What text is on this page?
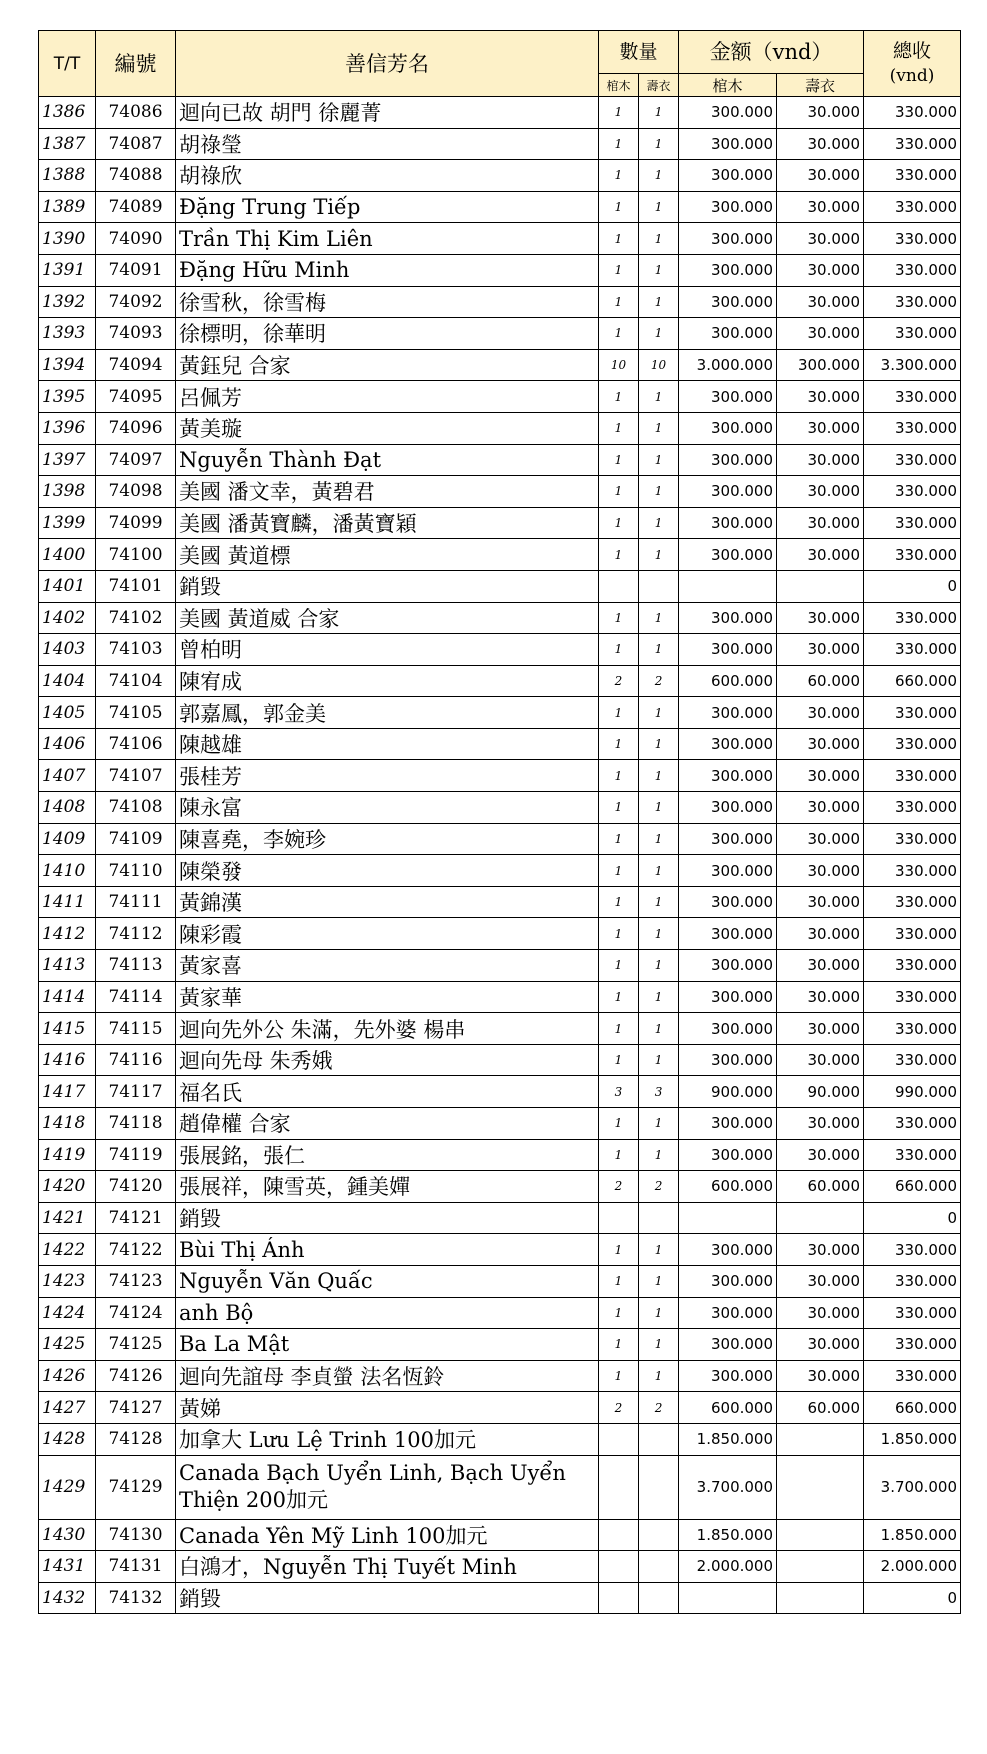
T/T	編號	善信芳名	數量		金额（vnd）		總收
(vnd)

			棺木	壽衣	棺木	壽衣	
1386	74086	迴向已故 胡門 徐麗菁	1	1	300.000	30.000	330.000
1387	74087	胡祿瑩	1	1	300.000	30.000	330.000
1388	74088	胡祿欣	1	1	300.000	30.000	330.000
1389	74089	Đặng Trung Tiếp	1	1	300.000	30.000	330.000
1390	74090	Trần Thị Kim Liên	1	1	300.000	30.000	330.000
1391	74091	Đặng Hữu Minh	1	1	300.000	30.000	330.000
1392	74092	徐雪秋，徐雪梅	1	1	300.000	30.000	330.000
1393	74093	徐標明，徐華明	1	1	300.000	30.000	330.000
1394	74094	黃鈺兒 合家	10	10	3.000.000	300.000	3.300.000
1395	74095	呂佩芳	1	1	300.000	30.000	330.000
1396	74096	黃美璇	1	1	300.000	30.000	330.000
1397	74097	Nguyễn Thành Đạt	1	1	300.000	30.000	330.000
1398	74098	美國 潘文幸，黃碧君	1	1	300.000	30.000	330.000
1399	74099	美國 潘黃寶麟，潘黃寶穎	1	1	300.000	30.000	330.000
1400	74100	美國 黃道標	1	1	300.000	30.000	330.000
1401	74101	銷毀					0
1402	74102	美國 黃道威 合家	1	1	300.000	30.000	330.000
1403	74103	曾柏明	1	1	300.000	30.000	330.000
1404	74104	陳宥成	2	2	600.000	60.000	660.000
1405	74105	郭嘉鳳，郭金美	1	1	300.000	30.000	330.000
1406	74106	陳越雄	1	1	300.000	30.000	330.000
1407	74107	張桂芳	1	1	300.000	30.000	330.000
1408	74108	陳永富	1	1	300.000	30.000	330.000
1409	74109	陳喜堯，李婉珍	1	1	300.000	30.000	330.000
1410	74110	陳榮發	1	1	300.000	30.000	330.000
1411	74111	黃錦漢	1	1	300.000	30.000	330.000
1412	74112	陳彩霞	1	1	300.000	30.000	330.000
1413	74113	黃家喜	1	1	300.000	30.000	330.000
1414	74114	黃家華	1	1	300.000	30.000	330.000
1415	74115	迴向先外公 朱滿，先外婆 楊串	1	1	300.000	30.000	330.000
1416	74116	迴向先母 朱秀娥	1	1	300.000	30.000	330.000
1417	74117	福名氏	3	3	900.000	90.000	990.000
1418	74118	趙偉權 合家	1	1	300.000	30.000	330.000
1419	74119	張展銘，張仁	1	1	300.000	30.000	330.000
1420	74120	張展祥，陳雪英，鍾美嬋	2	2	600.000	60.000	660.000
1421	74121	銷毀					0
1422	74122	Bùi Thị Ánh	1	1	300.000	30.000	330.000
1423	74123	Nguyễn Văn Quấc	1	1	300.000	30.000	330.000
1424	74124	anh Bộ	1	1	300.000	30.000	330.000
1425	74125	Ba La Mật	1	1	300.000	30.000	330.000
1426	74126	迴向先誼母 李貞螢 法名恆鈴	1	1	300.000	30.000	330.000
1427	74127	黃娣	2	2	600.000	60.000	660.000
1428	74128	加拿大 Lưu Lệ Trinh 100加元			1.850.000		1.850.000
1429	74129	Canada Bạch Uyển Linh, Bạch Uyển Thiện 200加元			3.700.000		3.700.000
1430	74130	Canada Yên Mỹ Linh 100加元			1.850.000		1.850.000
1431	74131	白鴻才，Nguyễn Thị Tuyết Minh			2.000.000		2.000.000
1432	74132	銷毀					0
